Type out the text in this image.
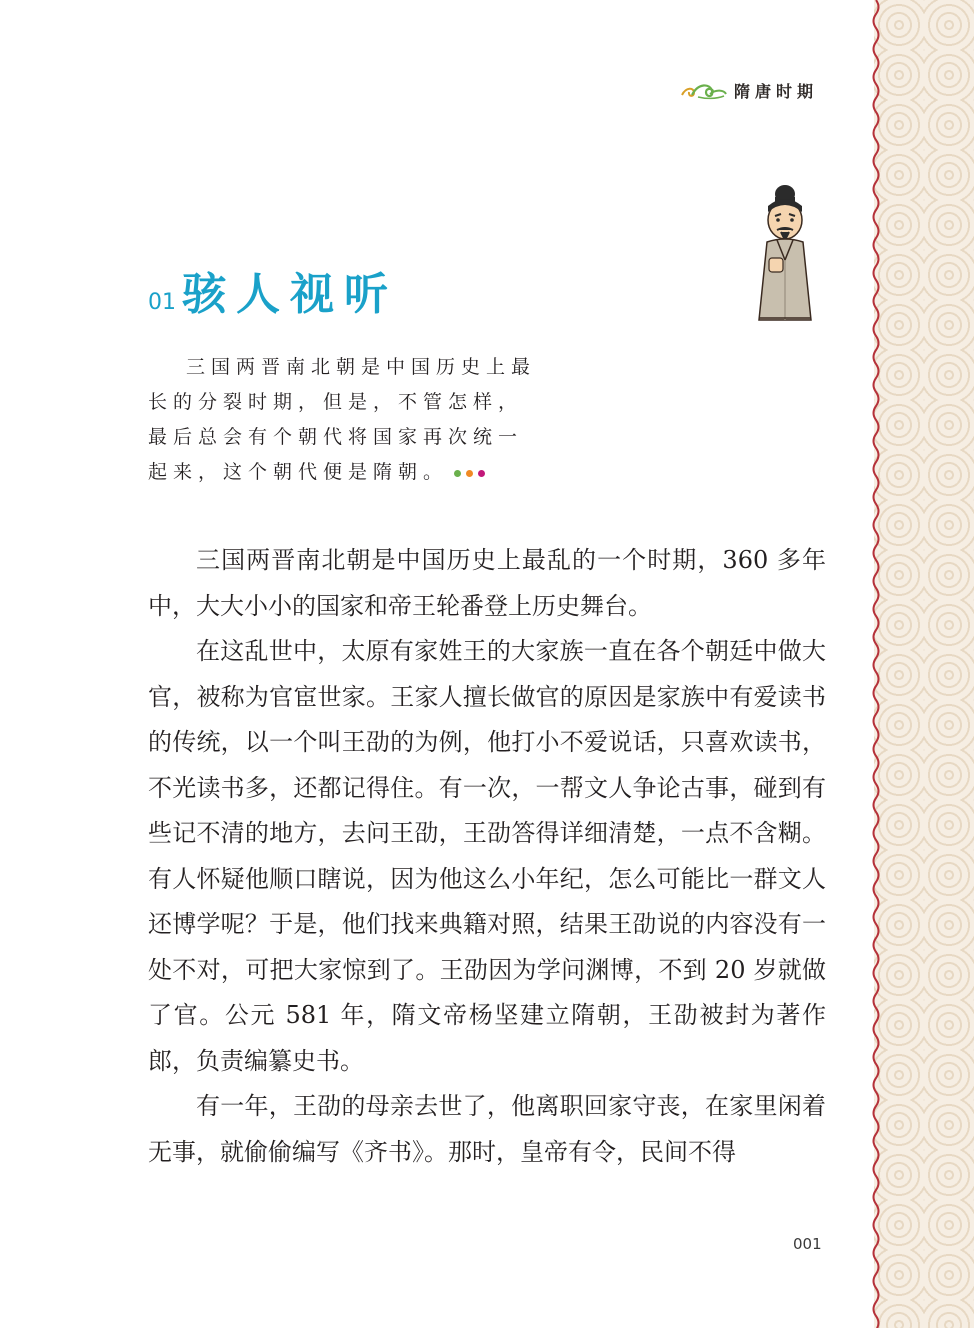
隋唐时期
01 骇人视听

三国两晋南北朝是中国历史上最长的分裂时期，但是，不管怎样，最后总会有个朝代将国家再次统一起来，这个朝代便是隋朝。

三国两晋南北朝是中国历史上最乱的一个时期，360 多年中，大大小小的国家和帝王轮番登上历史舞台。

在这乱世中，太原有家姓王的大家族一直在各个朝廷中做大官，被称为官宦世家。王家人擅长做官的原因是家族中有爱读书的传统，以一个叫王劭的为例，他打小不爱说话，只喜欢读书，不光读书多，还都记得住。有一次，一帮文人争论古事，碰到有些记不清的地方，去问王劭，王劭答得详细清楚，一点不含糊。有人怀疑他顺口瞎说，因为他这么小年纪，怎么可能比一群文人还博学呢？于是，他们找来典籍对照，结果王劭说的内容没有一处不对，可把大家惊到了。王劭因为学问渊博，不到 20 岁就做了官。公元 581 年，隋文帝杨坚建立隋朝，王劭被封为著作郎，负责编纂史书。

有一年，王劭的母亲去世了，他离职回家守丧，在家里闲着无事，就偷偷编写《齐书》。那时，皇帝有令，民间不得

001
